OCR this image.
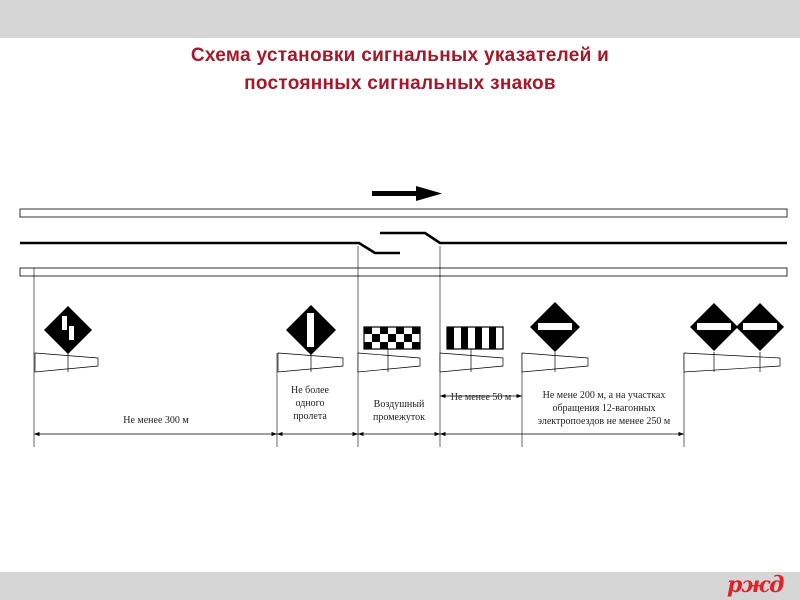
Схема установки сигнальных указателей и
постоянных сигнальных знаков
Не менее 300 м
Не более
одного
пролета
Воздушный
промежуток
Не менее 50 м	Не мене 200 м, а на участках
обращения 12-вагонных
электропоездов не менее 250 м
ржд
